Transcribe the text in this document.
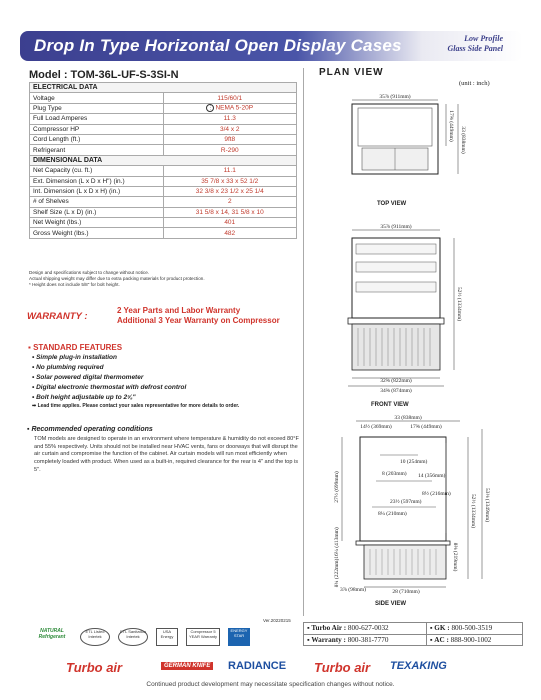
Drop In Type Horizontal Open Display Cases	Low Profile
Glass Side Panel
Model : TOM-36L-UF-S-3SI-N
ELECTRICAL DATA	
Voltage	115/60/1
Plug Type	⋮ NEMA 5-20P
Full Load Amperes	11.3
Compressor HP	3/4 x 2
Cord Length (ft.)	9ft8
Refrigerant	R-290
DIMENSIONAL DATA	
Net Capacity (cu. ft.)	11.1
Ext. Dimension (L x D x H") (in.)	35 7/8 x 33 x 52 1/2
Int. Dimension (L x D x H) (in.)	32 3/8 x 23 1/2 x 25 1/4
# of Shelves	2
Shelf Size (L x D) (in.)	31 5/8 x 14, 31 5/8 x 10
Net Weight (lbs.)	401
Gross Weight (lbs.)	482
Design and specifications subject to change without notice.
Actual shipping weight may differ due to extra packing materials for product protection.
* Height does not include 5/8" for bolt height.
WARRANTY :
2 Year Parts and Labor Warranty
Additional 3 Year Warranty on Compressor
▪ STANDARD FEATURES
• Simple plug-in installation
• No plumbing required
• Solar powered digital thermometer
• Digital electronic thermostat with defrost control
• Bolt height adjustable up to 2⅝"
➡ Lead time applies. Please contact your sales representative for more details to order.
▪ Recommended operating conditions
TOM models are designed to operate in an environment where temperature & humidity do not exceed 80°F and 55% respectively. Units should not be installed near HVAC vents, fans or doorways that will disrupt the air curtain and compromise the function of the cabinet. Air curtain models will run most efficiently when completely loaded with product. When used as a built-in, required clearance for the rear is 4" and the top is 5".
PLAN VIEW
(unit : inch)
35⅞ (911mm)
17⅝ (449mm) 33 (838mm)
TOP VIEW
35⅞ (911mm)
52½ (1334mm)
32⅜ (822mm)
34⅜ (874mm)
FRONT VIEW
33 (838mm)
14½ (369mm)	17⅝ (449mm)
10 (254mm)
8 (203mm) 14 (356mm)
8½ (216mm)
23½ (597mm)
8¼ (210mm)
27½ (699mm)
16¼ (413mm)
8¾ (222mm)
3⅞ (98mm)	28 (710mm)
52½ (1334mm) 53⅛ (1349mm)
8⅝ (219mm)
SIDE VIEW
Ver.20220215
NATURAL Refrigerant
ETL Listed Intertek
ETL Sanitation Intertek
USA Energy
Compressor 5 YEAR Warranty
ENERGY STAR
▪ Turbo Air : 800-627-0032	▪ GK : 800-500-3519
▪ Warranty : 800-381-7770	▪ AC : 888-900-1002
Turbo air	GERMAN KNIFE RADIANCE Turbo air TEXAKING
Continued product development may necessitate specification changes without notice.
